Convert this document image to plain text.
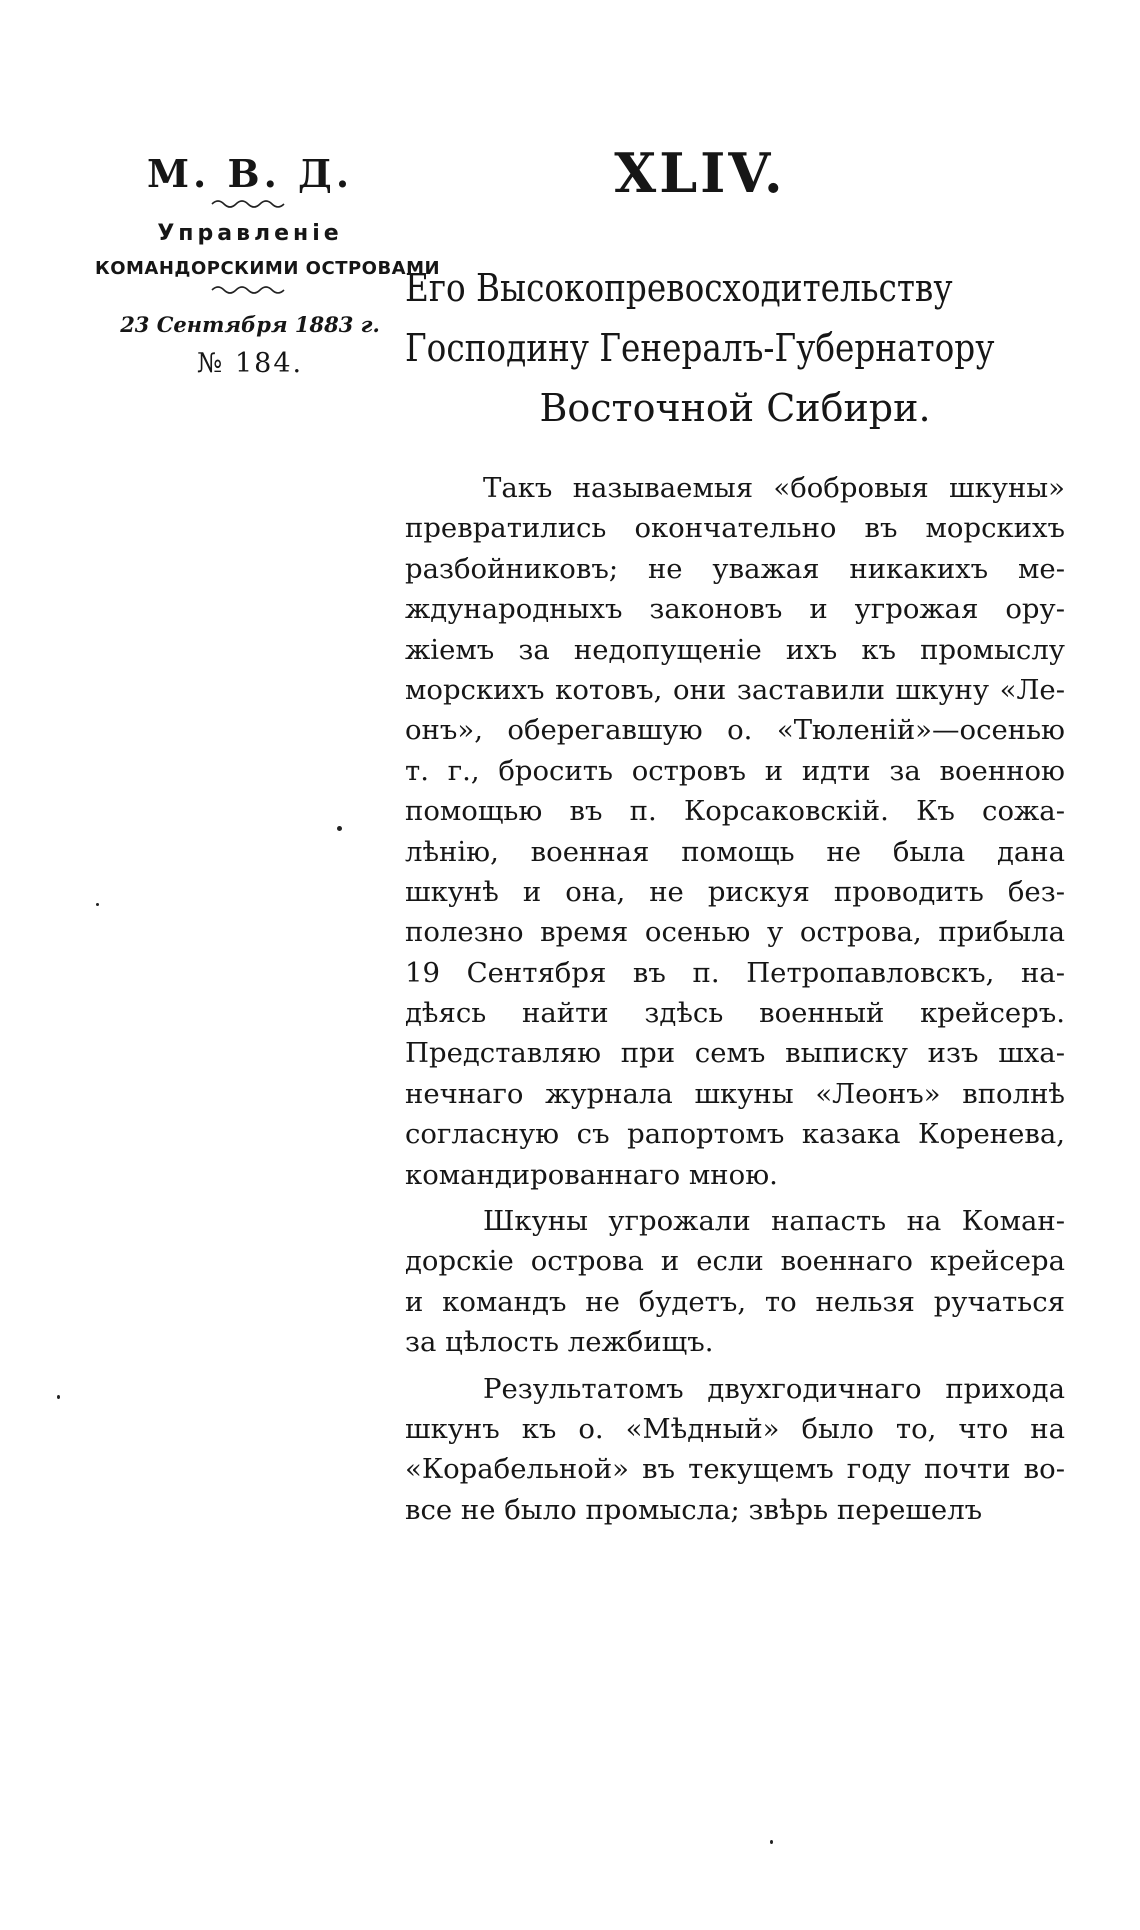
М. В. Д.

Управленіе

КОМАНДОРСКИМИ ОСТРОВАМИ

23 Сентября 1883 г.

№ 184.

XLIV.
Его Высокопревосходительству
Господину Генералъ-Губернатору
Восточной Сибири.
Такъ называемыя «бобровыя шкуны»
превратились окончательно въ морскихъ
разбойниковъ; не уважая никакихъ ме-
ждународныхъ законовъ и угрожая ору-
жіемъ за недопущеніе ихъ къ промыслу
морскихъ котовъ, они заставили шкуну «Ле-
онъ», оберегавшую о. «Тюленій»—осенью
т. г., бросить островъ и идти за военною
помощью въ п. Корсаковскій. Къ сожа-
лѣнію, военная помощь не была дана
шкунѣ и она, не рискуя проводить без-
полезно время осенью у острова, прибыла
19 Сентября въ п. Петропавловскъ, на-
дѣясь найти здѣсь военный крейсеръ.
Представляю при семъ выписку изъ шха-
нечнаго журнала шкуны «Леонъ» вполнѣ
согласную съ рапортомъ казака Коренева,
командированнаго мною.
Шкуны угрожали напасть на Коман-
дорскіе острова и если военнаго крейсера
и командъ не будетъ, то нельзя ручаться
за цѣлость лежбищъ.
Результатомъ двухгодичнаго прихода
шкунъ къ о. «Мѣдный» было то, что на
«Корабельной» въ текущемъ году почти во-
все не было промысла; звѣрь перешелъ
